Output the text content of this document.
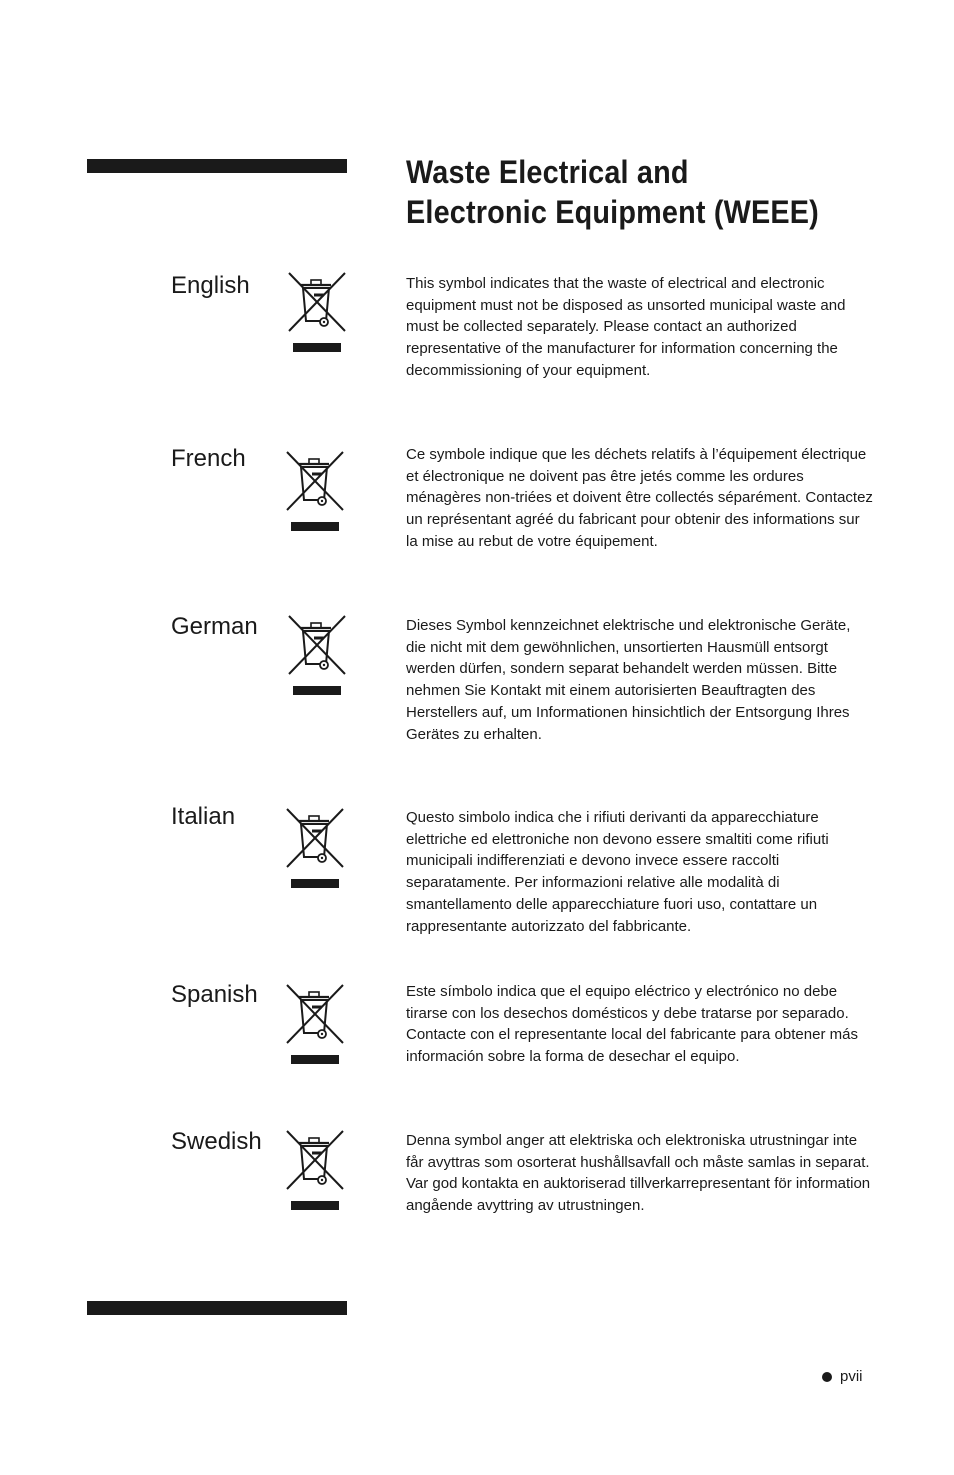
Waste Electrical and
Electronic Equipment (WEEE)
English	This symbol indicates that the waste of electrical and electronic equipment must not be disposed as unsorted municipal waste and must be collected separately. Please contact an authorized representative of the manufacturer for information concerning the decommissioning of your equipment.

French	Ce symbole indique que les déchets relatifs à l’équipement électrique et électronique ne doivent pas être jetés comme les ordures ménagères non-triées et doivent être collectés séparément. Contactez un représentant agréé du fabricant pour obtenir des informations sur la mise au rebut de votre équipement.

German	Dieses Symbol kennzeichnet elektrische und elektronische Geräte, die nicht mit dem gewöhnlichen, unsortierten Hausmüll entsorgt werden dürfen, sondern separat behandelt werden müssen. Bitte nehmen Sie Kontakt mit einem autorisierten Beauftragten des Herstellers auf, um Informationen hinsichtlich der Entsorgung Ihres Gerätes zu erhalten.

Italian	Questo simbolo indica che i rifiuti derivanti da apparecchiature elettriche ed elettroniche non devono essere smaltiti come rifiuti municipali indifferenziati e devono invece essere raccolti separatamente. Per informazioni relative alle modalità di smantellamento delle apparecchiature fuori uso, contattare un rappresentante autorizzato del fabbricante.

Spanish	Este símbolo indica que el equipo eléctrico y electrónico no debe tirarse con los desechos domésticos y debe tratarse por separado. Contacte con el representante local del fabricante para obtener más información sobre la forma de desechar el equipo.

Swedish	Denna symbol anger att elektriska och elektroniska utrustningar inte får avyttras som osorterat hushållsavfall och måste samlas in separat. Var god kontakta en auktoriserad tillverkarrepresentant för information angående avyttring av utrustningen.

pvii
